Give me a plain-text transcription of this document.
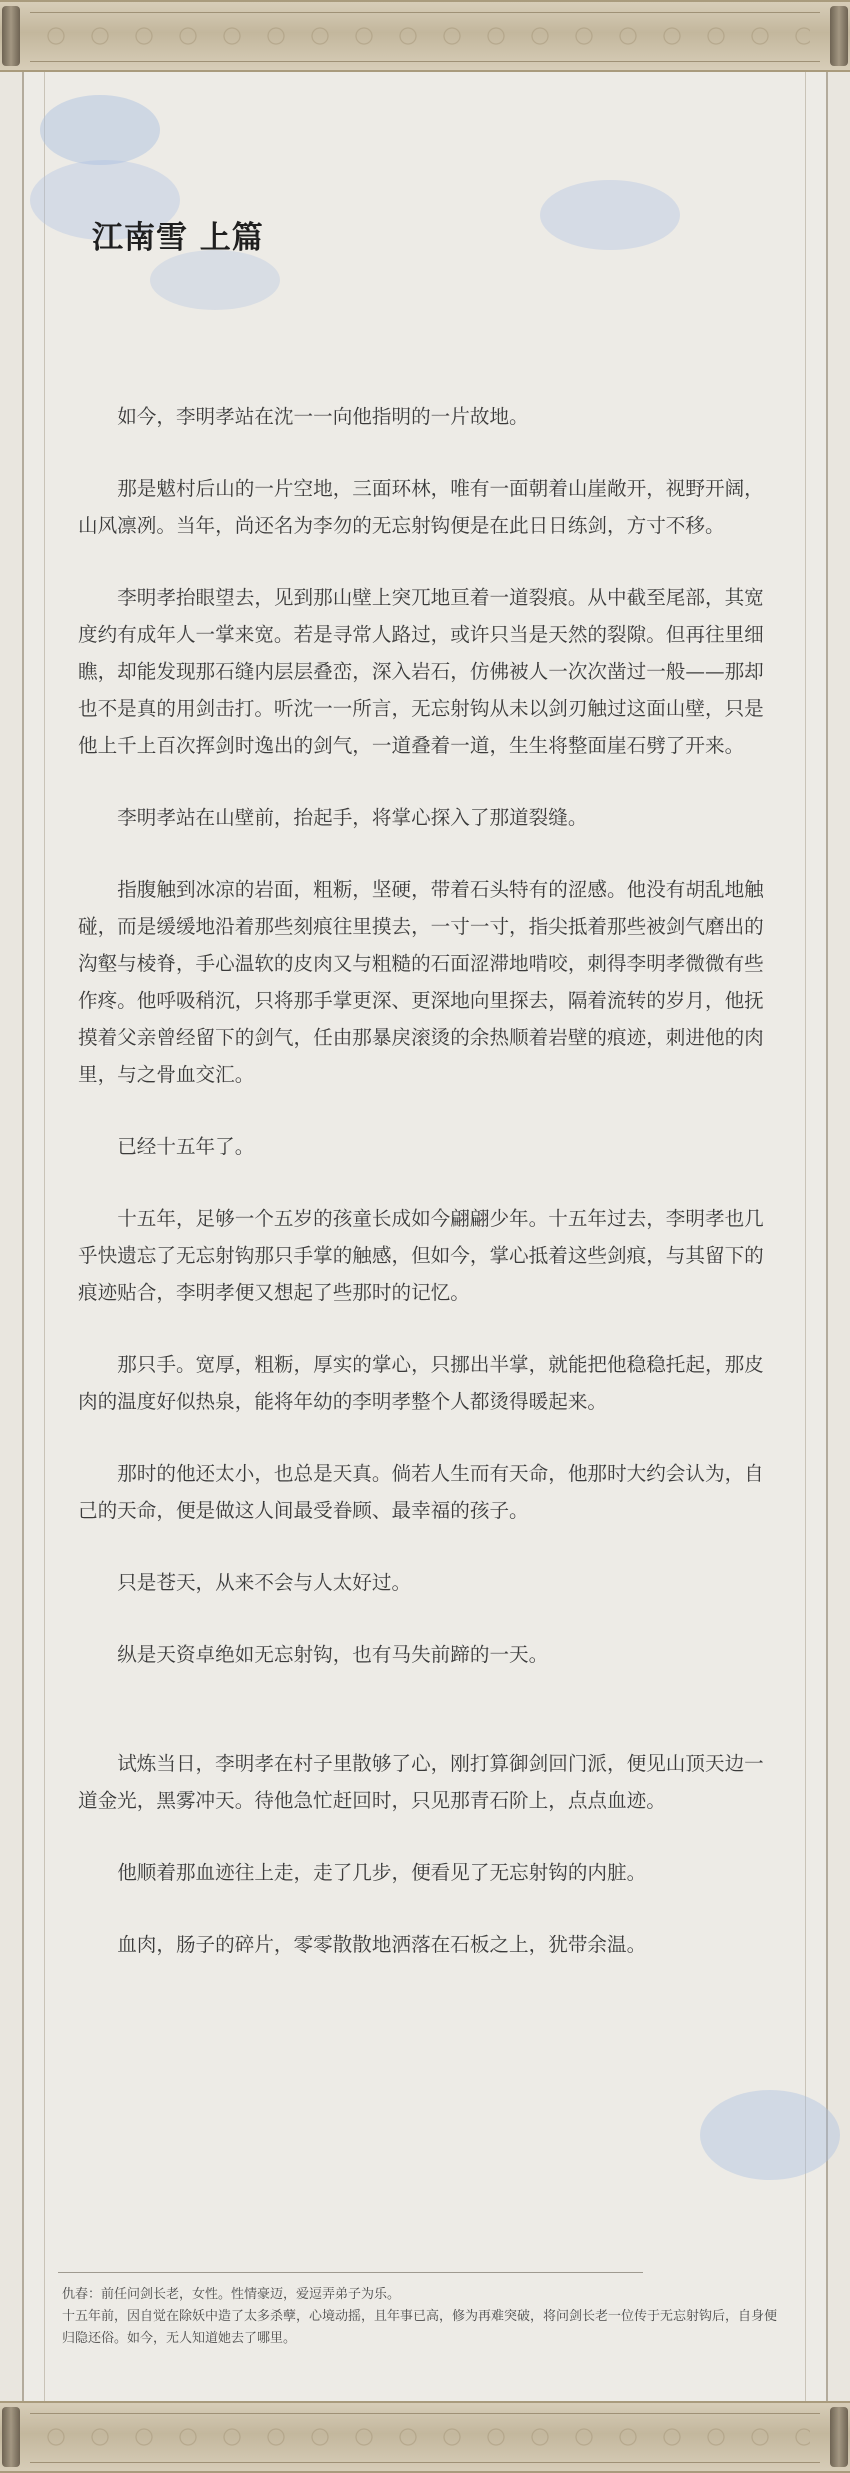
江南雪 上篇

如今，李明孝站在沈一一向他指明的一片故地。

那是魃村后山的一片空地，三面环林，唯有一面朝着山崖敞开，视野开阔，山风凛冽。当年，尚还名为李勿的无忘射钩便是在此日日练剑，方寸不移。

李明孝抬眼望去，见到那山壁上突兀地亘着一道裂痕。从中截至尾部，其宽度约有成年人一掌来宽。若是寻常人路过，或许只当是天然的裂隙。但再往里细瞧，却能发现那石缝内层层叠峦，深入岩石，仿佛被人一次次凿过一般——那却也不是真的用剑击打。听沈一一所言，无忘射钩从未以剑刃触过这面山壁，只是他上千上百次挥剑时逸出的剑气，一道叠着一道，生生将整面崖石劈了开来。

李明孝站在山壁前，抬起手，将掌心探入了那道裂缝。

指腹触到冰凉的岩面，粗粝，坚硬，带着石头特有的涩感。他没有胡乱地触碰，而是缓缓地沿着那些刻痕往里摸去，一寸一寸，指尖抵着那些被剑气磨出的沟壑与棱脊，手心温软的皮肉又与粗糙的石面涩滞地啃咬，刺得李明孝微微有些作疼。他呼吸稍沉，只将那手掌更深、更深地向里探去，隔着流转的岁月，他抚摸着父亲曾经留下的剑气，任由那暴戾滚烫的余热顺着岩壁的痕迹，刺进他的肉里，与之骨血交汇。

已经十五年了。

十五年，足够一个五岁的孩童长成如今翩翩少年。十五年过去，李明孝也几乎快遗忘了无忘射钩那只手掌的触感，但如今，掌心抵着这些剑痕，与其留下的痕迹贴合，李明孝便又想起了些那时的记忆。

那只手。宽厚，粗粝，厚实的掌心，只挪出半掌，就能把他稳稳托起，那皮肉的温度好似热泉，能将年幼的李明孝整个人都烫得暖起来。

那时的他还太小，也总是天真。倘若人生而有天命，他那时大约会认为，自己的天命，便是做这人间最受眷顾、最幸福的孩子。

只是苍天，从来不会与人太好过。

纵是天资卓绝如无忘射钩，也有马失前蹄的一天。

试炼当日，李明孝在村子里散够了心，刚打算御剑回门派，便见山顶天边一道金光，黑雾冲天。待他急忙赶回时，只见那青石阶上，点点血迹。

他顺着那血迹往上走，走了几步，便看见了无忘射钩的内脏。

血肉，肠子的碎片，零零散散地洒落在石板之上，犹带余温。

仇春：前任问剑长老，女性。性情豪迈，爱逗弄弟子为乐。
十五年前，因自觉在除妖中造了太多杀孽，心境动摇，且年事已高，修为再难突破，将问剑长老一位传于无忘射钩后，自身便归隐还俗。如今，无人知道她去了哪里。
